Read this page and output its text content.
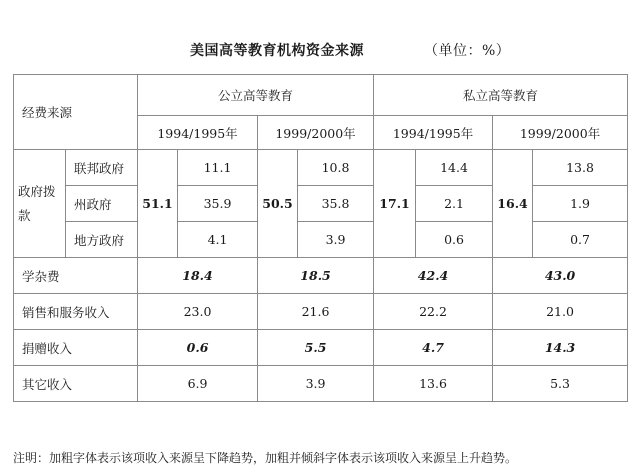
美国高等教育机构资金来源	（单位：%）
经费来源		公立高等教育				私立高等教育			
		1994/1995年		1999/2000年		1994/1995年		1999/2000年	
政府拨
款	联邦政府	51.1	11.1	50.5	10.8	17.1	14.4	16.4	13.8
	州政府		35.9		35.8		2.1		1.9
	地方政府		4.1		3.9		0.6		0.7
学杂费		18.4		18.5		42.4		43.0	
销售和服务收入		23.0		21.6		22.2		21.0	
捐赠收入		0.6		5.5		4.7		14.3	
其它收入		6.9		3.9		13.6		5.3	
注明：加粗字体表示该项收入来源呈下降趋势，加粗并倾斜字体表示该项收入来源呈上升趋势。
